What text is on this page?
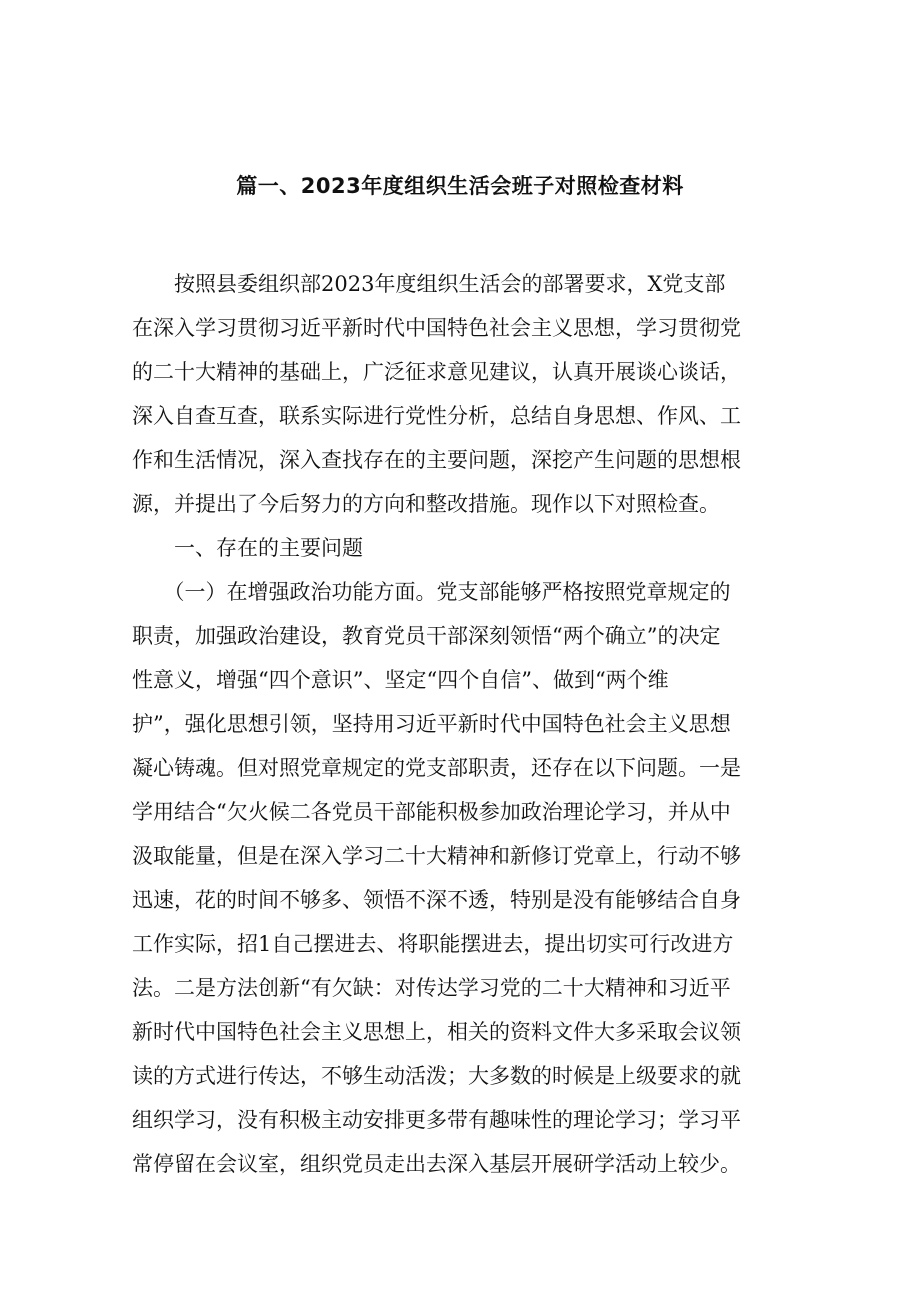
篇一、2023年度组织生活会班子对照检查材料
　　按照县委组织部2023年度组织生活会的部署要求，X党支部
在深入学习贯彻习近平新时代中国特色社会主义思想，学习贯彻党
的二十大精神的基础上，广泛征求意见建议，认真开展谈心谈话，
深入自查互查，联系实际进行党性分析，总结自身思想、作风、工
作和生活情况，深入查找存在的主要问题，深挖产生问题的思想根
源，并提出了今后努力的方向和整改措施。现作以下对照检查。
　　一、存在的主要问题
　　（一）在增强政治功能方面。党支部能够严格按照党章规定的
职责，加强政治建设，教育党员干部深刻领悟“两个确立”的决定
性意义，增强“四个意识”、坚定“四个自信”、做到“两个维
护”，强化思想引领，坚持用习近平新时代中国特色社会主义思想
凝心铸魂。但对照党章规定的党支部职责，还存在以下问题。一是
学用结合“欠火候二各党员干部能积极参加政治理论学习，并从中
汲取能量，但是在深入学习二十大精神和新修订党章上，行动不够
迅速，花的时间不够多、领悟不深不透，特别是没有能够结合自身
工作实际，招1自己摆进去、将职能摆进去，提出切实可行改进方
法。二是方法创新“有欠缺：对传达学习党的二十大精神和习近平
新时代中国特色社会主义思想上，相关的资料文件大多采取会议领
读的方式进行传达，不够生动活泼；大多数的时候是上级要求的就
组织学习，没有积极主动安排更多带有趣味性的理论学习；学习平
常停留在会议室，组织党员走出去深入基层开展研学活动上较少。
